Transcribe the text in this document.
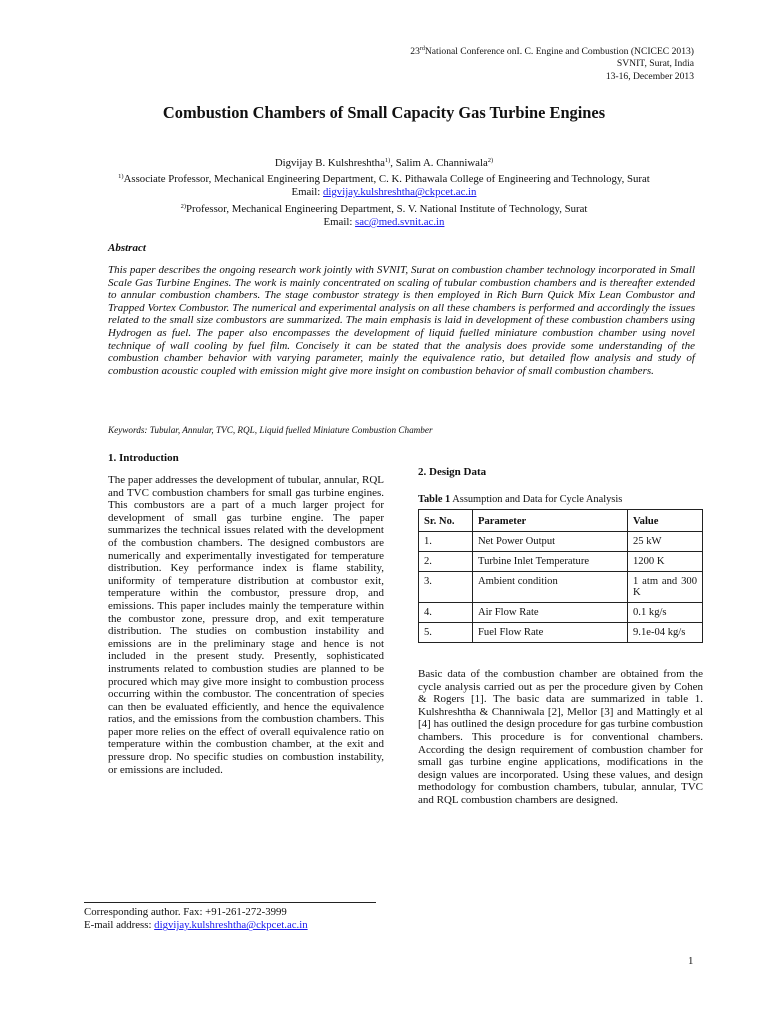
23rdNational Conference onI. C. Engine and Combustion (NCICEC 2013)
SVNIT, Surat, India
13-16, December 2013
Combustion Chambers of Small Capacity Gas Turbine Engines
Digvijay B. Kulshreshtha$^{1)}$, Salim A. Channiwala$^{2)}$
$^{1)}$Associate Professor, Mechanical Engineering Department, C. K. Pithawala College of Engineering and Technology, Surat
Email: digvijay.kulshreshtha@ckpcet.ac.in
$^{2)}$Professor, Mechanical Engineering Department, S. V. National Institute of Technology, Surat
Email: sac@med.svnit.ac.in
Abstract

This paper describes the ongoing research work jointly with SVNIT, Surat on combustion chamber technology incorporated in Small Scale Gas Turbine Engines. The work is mainly concentrated on scaling of tubular combustion chambers and is thereafter extended to annular combustion chambers. The stage combustor strategy is then employed in Rich Burn Quick Mix Lean Combustor and Trapped Vortex Combustor. The numerical and experimental analysis on all these chambers is performed and accordingly the issues related to the small size combustors are summarized. The main emphasis is laid in development of these combustion chambers using Hydrogen as fuel. The paper also encompasses the development of liquid fuelled miniature combustion chamber using novel technique of wall cooling by fuel film. Concisely it can be stated that the analysis does provide some understanding of the combustion chamber behavior with varying parameter, mainly the equivalence ratio, but detailed flow analysis and study of combustion acoustic coupled with emission might give more insight on combustion behavior of small combustion chambers.

Keywords: Tubular, Annular, TVC, RQL, Liquid fuelled Miniature Combustion Chamber

1. Introduction

The paper addresses the development of tubular, annular, RQL and TVC combustion chambers for small gas turbine engines. This combustors are a part of a much larger project for development of small gas turbine engine. The paper summarizes the technical issues related with the development of the combustion chambers. The designed combustors are numerically and experimentally investigated for temperature distribution. Key performance index is flame stability, uniformity of temperature distribution at combustor exit, temperature within the combustor, pressure drop, and emissions. This paper includes mainly the temperature within the combustor zone, pressure drop, and exit temperature distribution. The studies on combustion instability and emissions are in the preliminary stage and hence is not included in the present study. Presently, sophisticated instruments related to combustion studies are planned to be procured which may give more insight to combustion process occurring within the combustor. The concentration of species can then be evaluated efficiently, and hence the equivalence ratios, and the emissions from the combustion chambers. This paper more relies on the effect of overall equivalence ratio on temperature within the combustion chamber, at the exit and pressure drop. No specific studies on combustion instability, or emissions are included.

2. Design Data
Table 1 Assumption and Data for Cycle Analysis
Sr. No.	Parameter	Value
1.	Net Power Output	25 kW
2.	Turbine Inlet Temperature	1200 K
3.	Ambient condition	1 atm and 300 K
4.	Air Flow Rate	0.1 kg/s
5.	Fuel Flow Rate	9.1e-04 kg/s

Basic data of the combustion chamber are obtained from the cycle analysis carried out as per the procedure given by Cohen & Rogers [1]. The basic data are summarized in table 1. Kulshreshtha & Channiwala [2], Mellor [3] and Mattingly et al [4] has outlined the design procedure for gas turbine combustion chambers. This procedure is for conventional chambers. According the design requirement of combustion chamber for small gas turbine engine applications, modifications in the design values are incorporated. Using these values, and design methodology for combustion chambers, tubular, annular, TVC and RQL combustion chambers are designed.

Corresponding author. Fax: +91-261-272-3999
E-mail address: digvijay.kulshreshtha@ckpcet.ac.in
1
